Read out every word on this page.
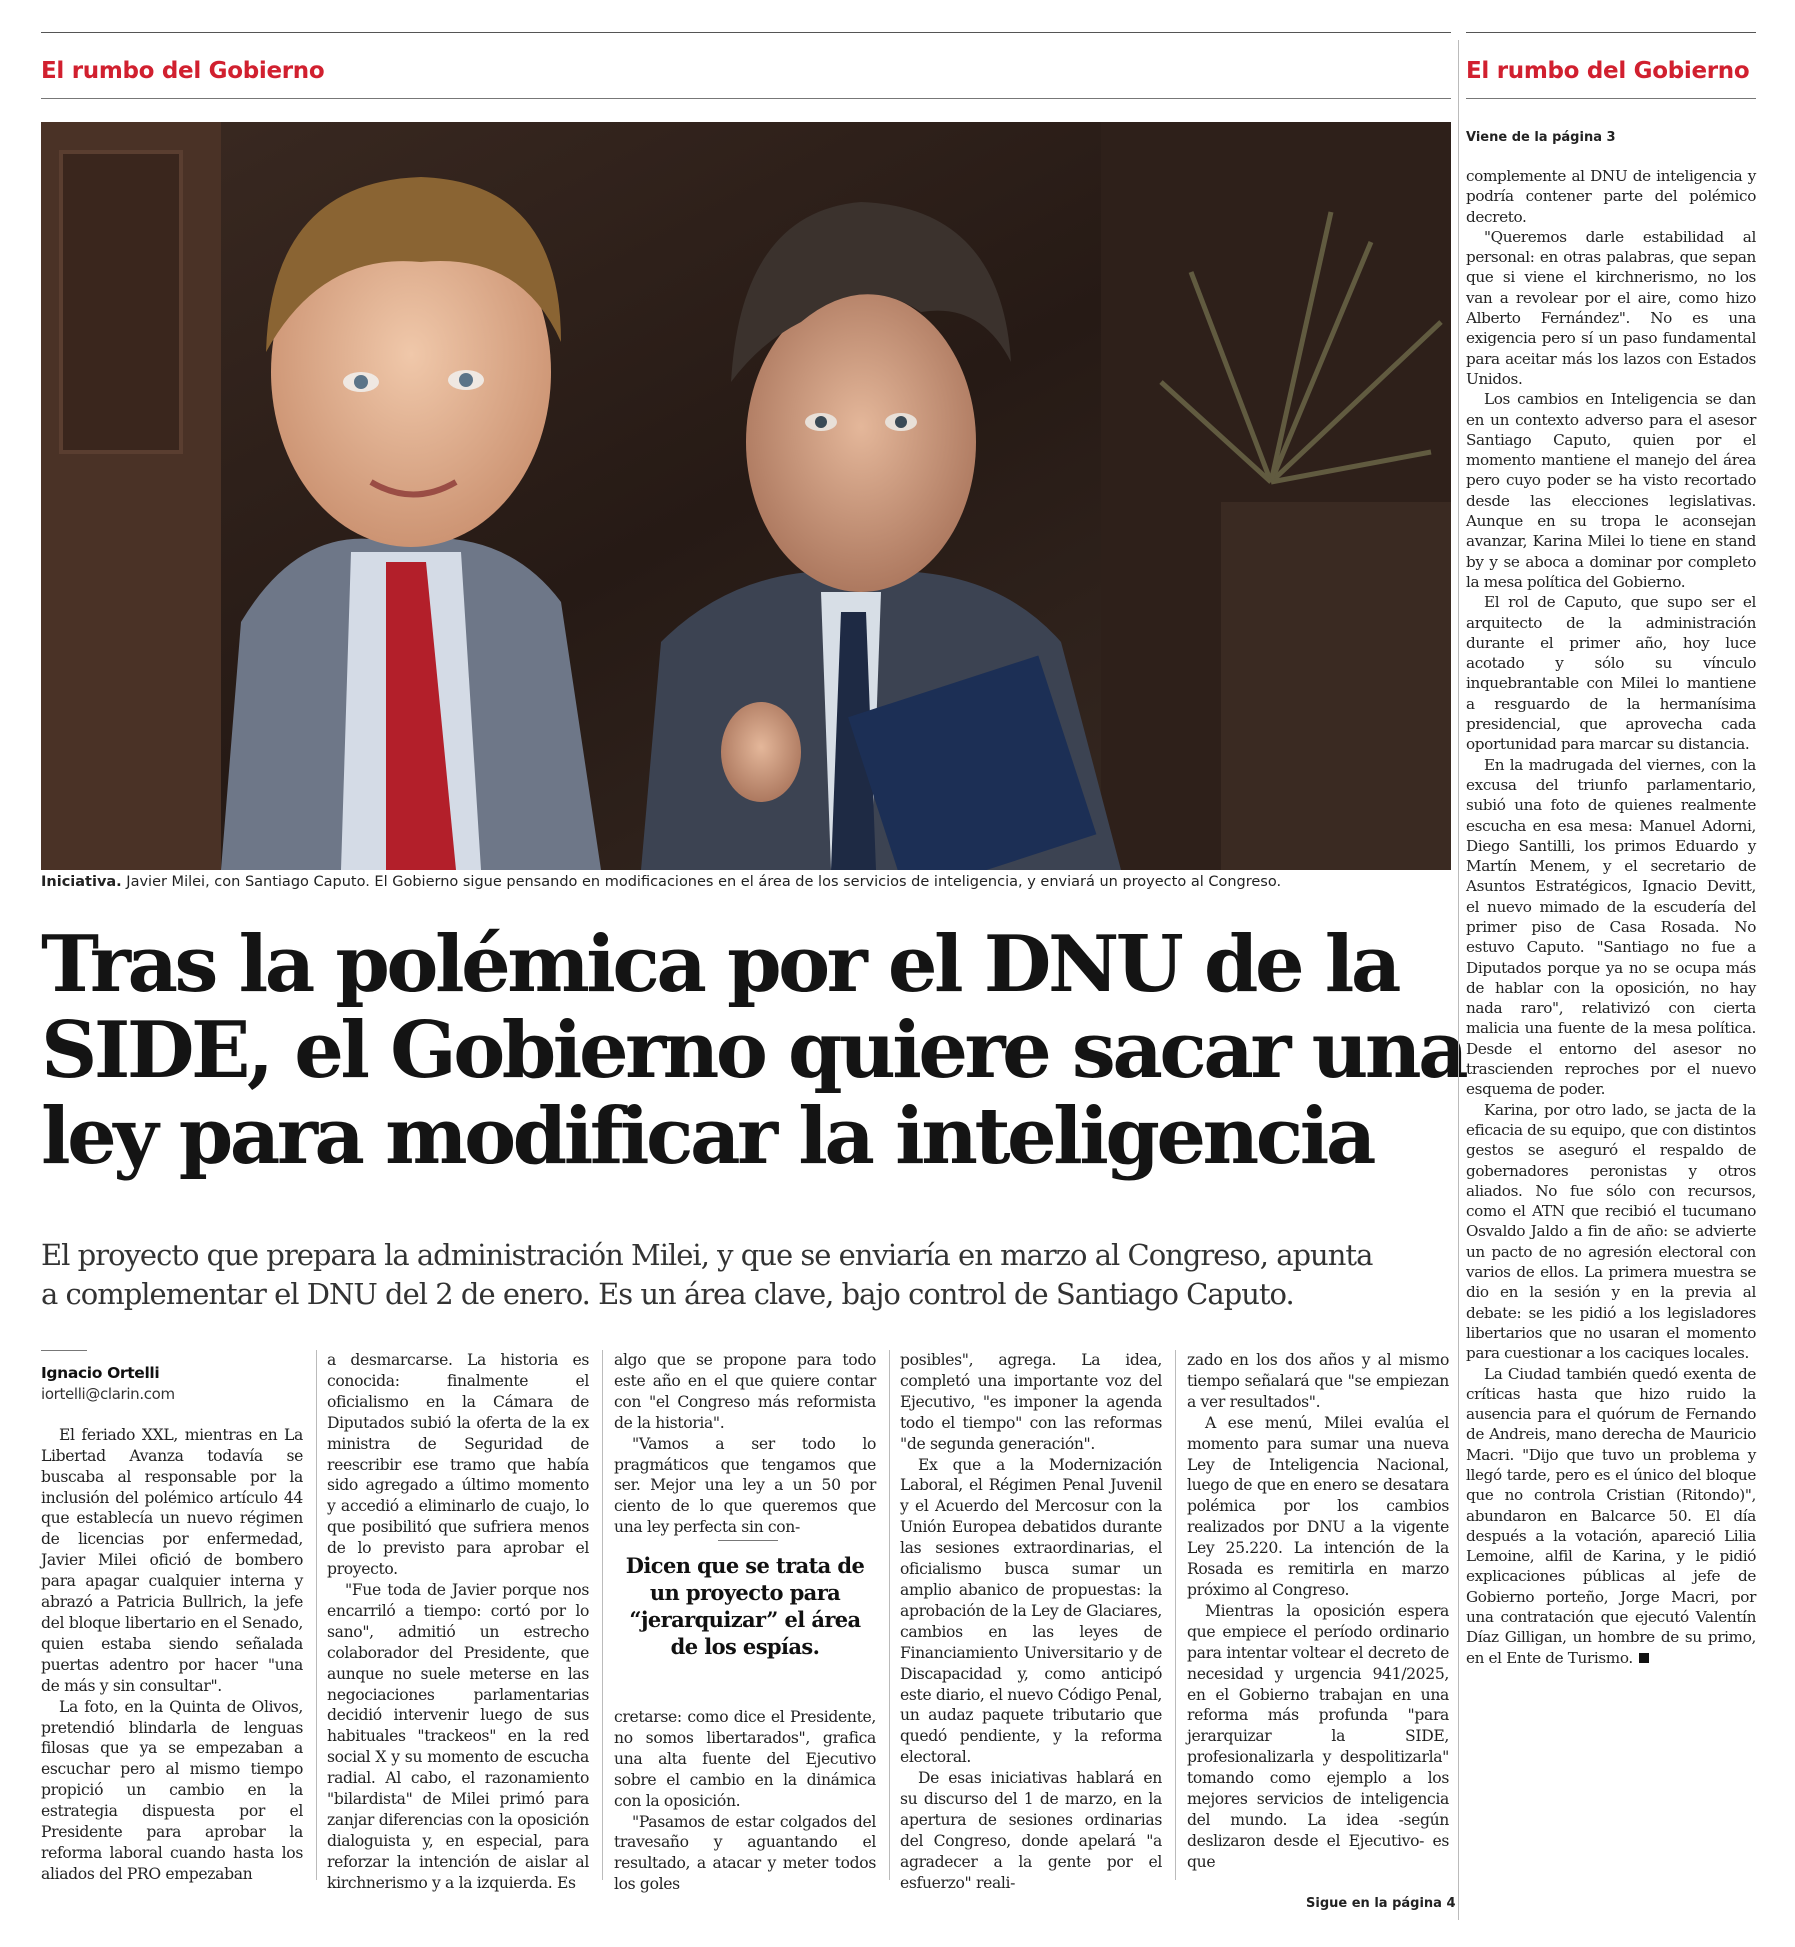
El rumbo del Gobierno	El rumbo del Gobierno
Iniciativa. Javier Milei, con Santiago Caputo. El Gobierno sigue pensando en modificaciones en el área de los servicios de inteligencia, y enviará un proyecto al Congreso.
Tras la polémica por el DNU de la
SIDE, el Gobierno quiere sacar una
ley para modificar la inteligencia
El proyecto que prepara la administración Milei, y que se enviaría en marzo al Congreso, apunta
a complementar el DNU del 2 de enero. Es un área clave, bajo control de Santiago Caputo.
Ignacio Ortelli
iortelli@clarin.com

El feriado XXL, mientras en La Libertad Avanza todavía se buscaba al responsable por la inclusión del polémico artículo 44 que establecía un nuevo régimen de licencias por enfermedad, Javier Milei ofició de bombero para apagar cualquier interna y abrazó a Patricia Bullrich, la jefe del bloque libertario en el Senado, quien estaba siendo señalada puertas adentro por hacer "una de más y sin consultar".

La foto, en la Quinta de Olivos, pretendió blindarla de lenguas filosas que ya se empezaban a escuchar pero al mismo tiempo propició un cambio en la estrategia dispuesta por el Presidente para aprobar la reforma laboral cuando hasta los aliados del PRO empezaban

a desmarcarse. La historia es conocida: finalmente el oficialismo en la Cámara de Diputados subió la oferta de la ex ministra de Seguridad de reescribir ese tramo que había sido agregado a último momento y accedió a eliminarlo de cuajo, lo que posibilitó que sufriera menos de lo previsto para aprobar el proyecto.

"Fue toda de Javier porque nos encarriló a tiempo: cortó por lo sano", admitió un estrecho colaborador del Presidente, que aunque no suele meterse en las negociaciones parlamentarias decidió intervenir luego de sus habituales "trackeos" en la red social X y su momento de escucha radial. Al cabo, el razonamiento "bilardista" de Milei primó para zanjar diferencias con la oposición dialoguista y, en especial, para reforzar la intención de aislar al kirchnerismo y a la izquierda. Es

algo que se propone para todo este año en el que quiere contar con "el Congreso más reformista de la historia".

"Vamos a ser todo lo pragmáticos que tengamos que ser. Mejor una ley a un 50 por ciento de lo que queremos que una ley perfecta sin con-

Dicen que se trata de un proyecto para “jerarquizar” el área de los espías.

cretarse: como dice el Presidente, no somos libertarados", grafica una alta fuente del Ejecutivo sobre el cambio en la dinámica con la oposición.

"Pasamos de estar colgados del travesaño y aguantando el resultado, a atacar y meter todos los goles

posibles", agrega. La idea, completó una importante voz del Ejecutivo, "es imponer la agenda todo el tiempo" con las reformas "de segunda generación".

Ex que a la Modernización Laboral, el Régimen Penal Juvenil y el Acuerdo del Mercosur con la Unión Europea debatidos durante las sesiones extraordinarias, el oficialismo busca sumar un amplio abanico de propuestas: la aprobación de la Ley de Glaciares, cambios en las leyes de Financiamiento Universitario y de Discapacidad y, como anticipó este diario, el nuevo Código Penal, un audaz paquete tributario que quedó pendiente, y la reforma electoral.

De esas iniciativas hablará en su discurso del 1 de marzo, en la apertura de sesiones ordinarias del Congreso, donde apelará "a agradecer a la gente por el esfuerzo" reali-

zado en los dos años y al mismo tiempo señalará que "se empiezan a ver resultados".

A ese menú, Milei evalúa el momento para sumar una nueva Ley de Inteligencia Nacional, luego de que en enero se desatara polémica por los cambios realizados por DNU a la vigente Ley 25.220. La intención de la Rosada es remitirla en marzo próximo al Congreso.

Mientras la oposición espera que empiece el período ordinario para intentar voltear el decreto de necesidad y urgencia 941/2025, en el Gobierno trabajan en una reforma más profunda "para jerarquizar la SIDE, profesionalizarla y despolitizarla" tomando como ejemplo a los mejores servicios de inteligencia del mundo. La idea -según deslizaron desde el Ejecutivo- es que

Sigue en la página 4
Viene de la página 3

complemente al DNU de inteligencia y podría contener parte del polémico decreto.

"Queremos darle estabilidad al personal: en otras palabras, que sepan que si viene el kirchnerismo, no los van a revolear por el aire, como hizo Alberto Fernández". No es una exigencia pero sí un paso fundamental para aceitar más los lazos con Estados Unidos.

Los cambios en Inteligencia se dan en un contexto adverso para el asesor Santiago Caputo, quien por el momento mantiene el manejo del área pero cuyo poder se ha visto recortado desde las elecciones legislativas. Aunque en su tropa le aconsejan avanzar, Karina Milei lo tiene en stand by y se aboca a dominar por completo la mesa política del Gobierno.

El rol de Caputo, que supo ser el arquitecto de la administración durante el primer año, hoy luce acotado y sólo su vínculo inquebrantable con Milei lo mantiene a resguardo de la hermanísima presidencial, que aprovecha cada oportunidad para marcar su distancia.

En la madrugada del viernes, con la excusa del triunfo parlamentario, subió una foto de quienes realmente escucha en esa mesa: Manuel Adorni, Diego Santilli, los primos Eduardo y Martín Menem, y el secretario de Asuntos Estratégicos, Ignacio Devitt, el nuevo mimado de la escudería del primer piso de Casa Rosada. No estuvo Caputo. "Santiago no fue a Diputados porque ya no se ocupa más de hablar con la oposición, no hay nada raro", relativizó con cierta malicia una fuente de la mesa política. Desde el entorno del asesor no trascienden reproches por el nuevo esquema de poder.

Karina, por otro lado, se jacta de la eficacia de su equipo, que con distintos gestos se aseguró el respaldo de gobernadores peronistas y otros aliados. No fue sólo con recursos, como el ATN que recibió el tucumano Osvaldo Jaldo a fin de año: se advierte un pacto de no agresión electoral con varios de ellos. La primera muestra se dio en la sesión y en la previa al debate: se les pidió a los legisladores libertarios que no usaran el momento para cuestionar a los caciques locales.

La Ciudad también quedó exenta de críticas hasta que hizo ruido la ausencia para el quórum de Fernando de Andreis, mano derecha de Mauricio Macri. "Dijo que tuvo un problema y llegó tarde, pero es el único del bloque que no controla Cristian (Ritondo)", abundaron en Balcarce 50. El día después a la votación, apareció Lilia Lemoine, alfil de Karina, y le pidió explicaciones públicas al jefe de Gobierno porteño, Jorge Macri, por una contratación que ejecutó Valentín Díaz Gilligan, un hombre de su primo, en el Ente de Turismo.
